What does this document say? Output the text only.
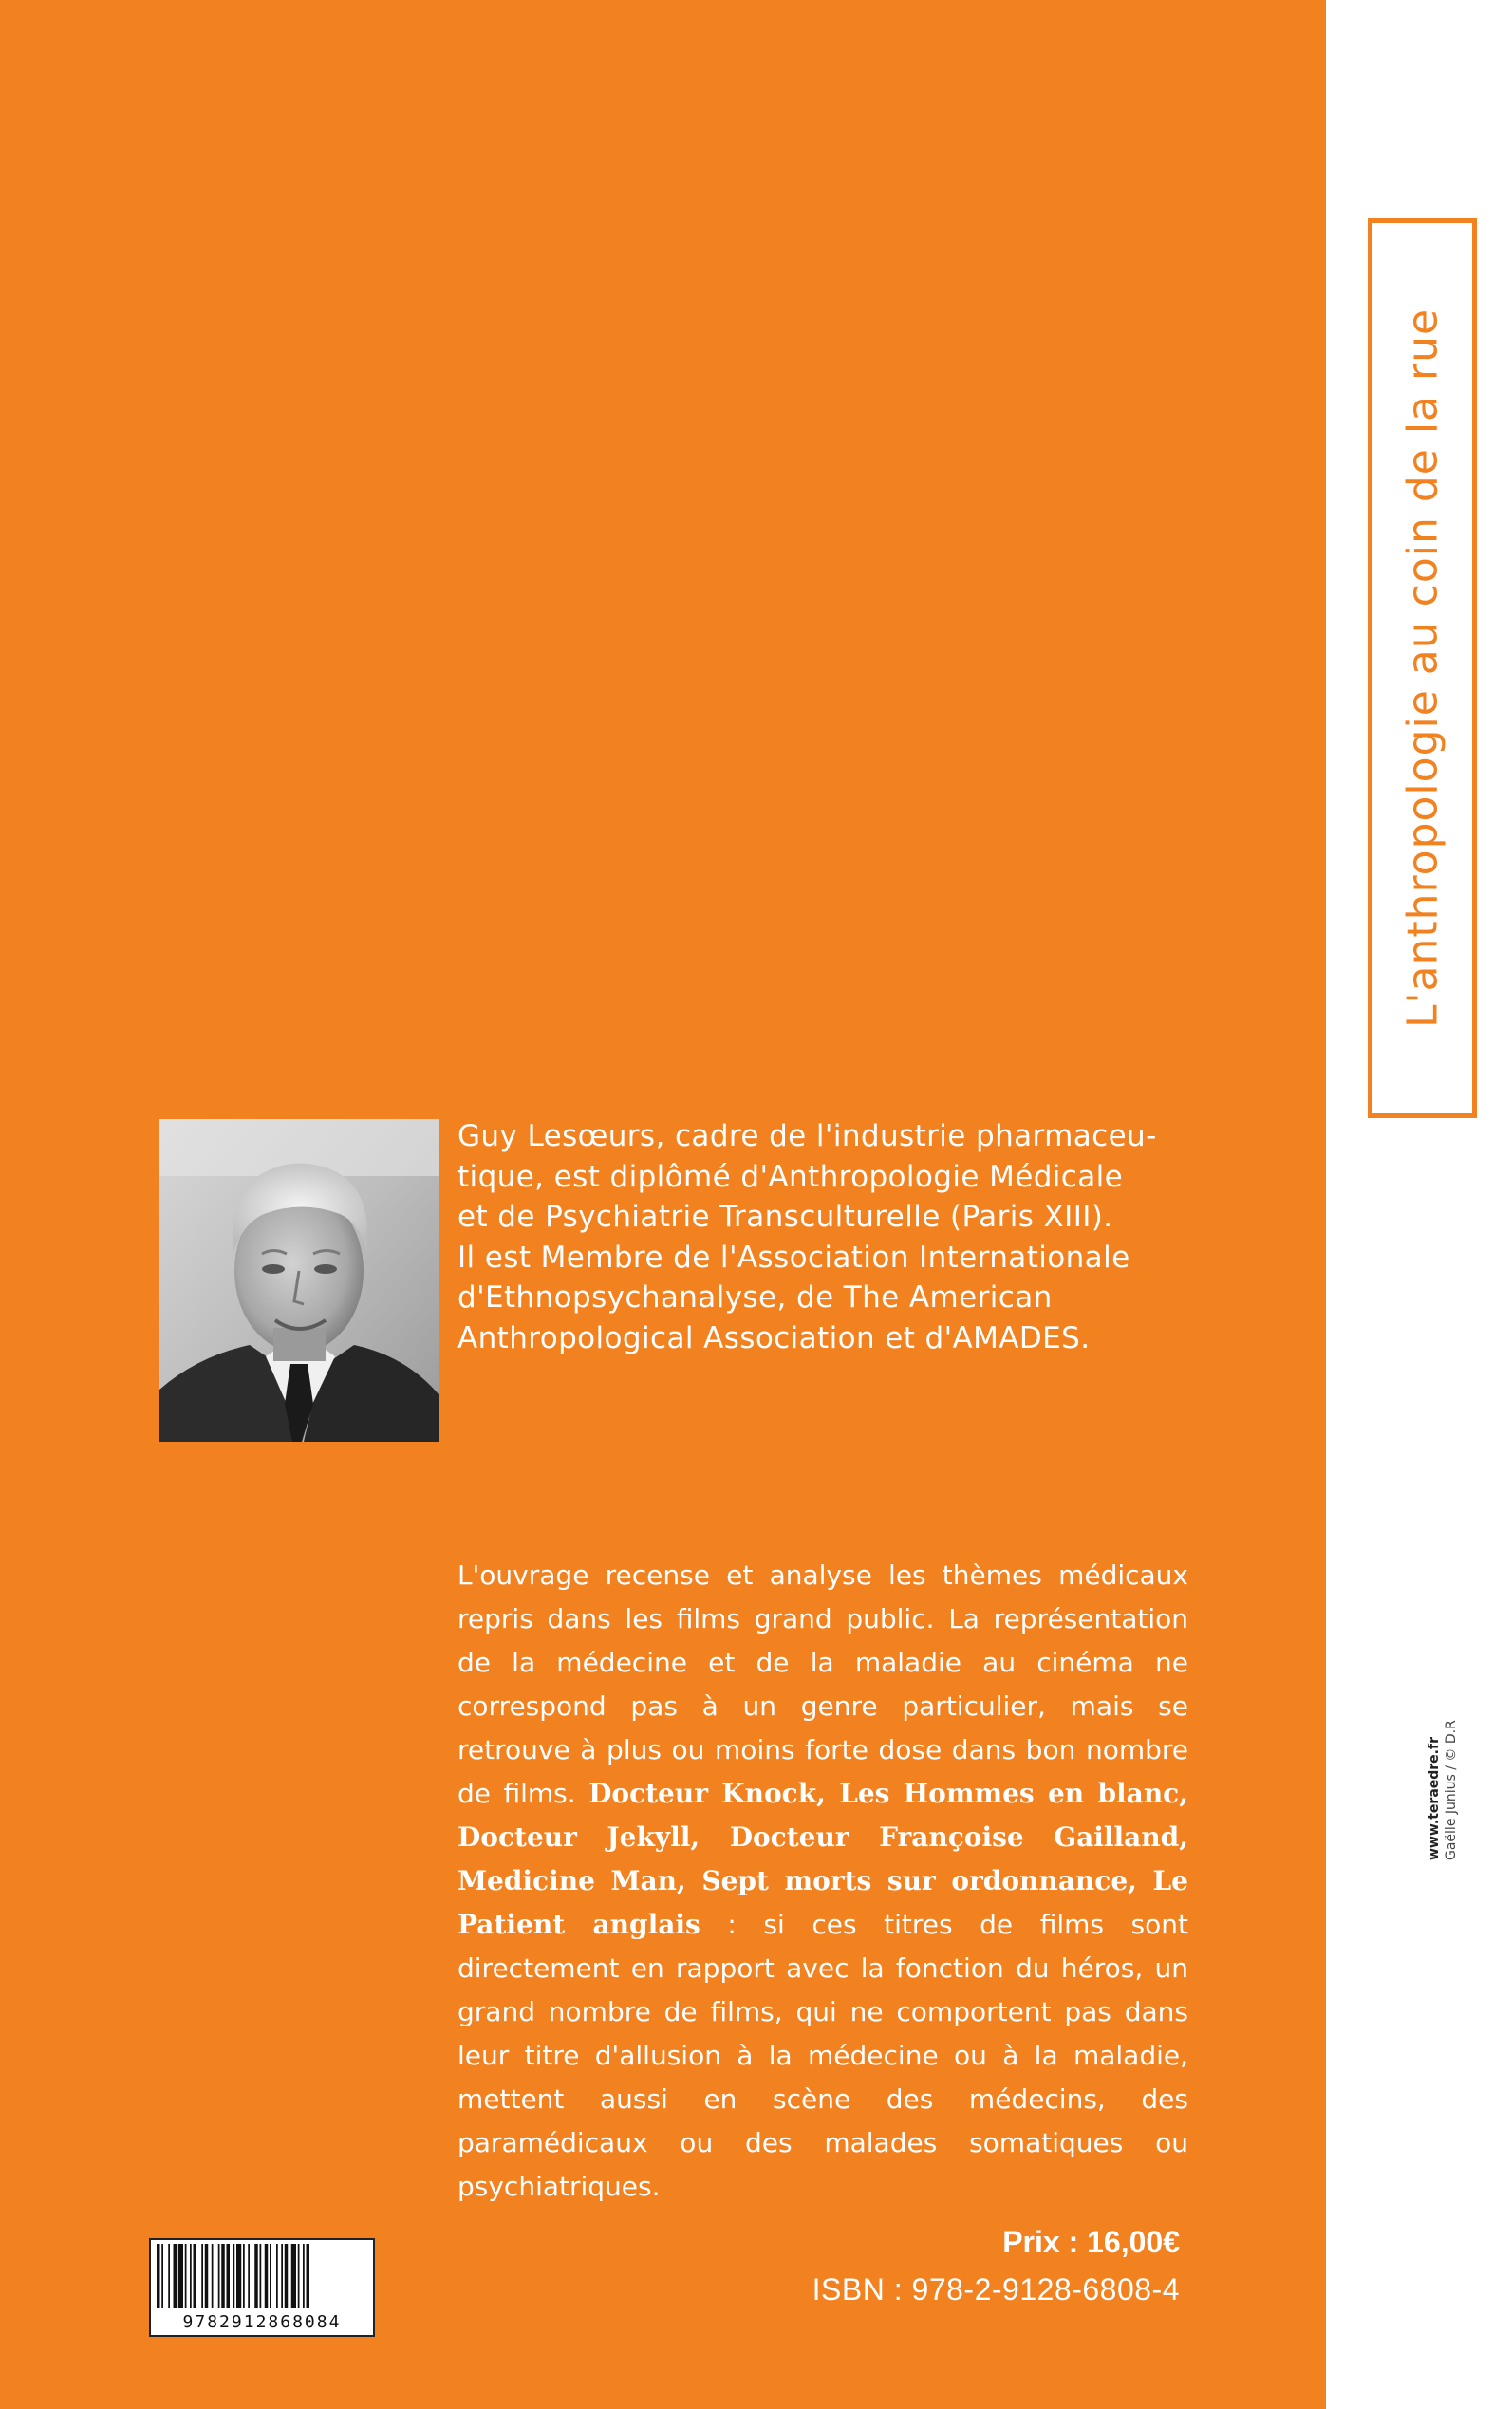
L'anthropologie au coin de la rue
www.teraedre.fr Gaëlle Junius / © D.R
Guy Lesœurs, cadre de l'industrie pharmaceu-
tique, est diplômé d'Anthropologie Médicale
et de Psychiatrie Transculturelle (Paris XIII).
Il est Membre de l'Association Internationale
d'Ethnopsychanalyse, de The American
Anthropological Association et d'AMADES.
L'ouvrage recense et analyse les thèmes médicaux repris dans les films grand public. La représentation de la médecine et de la maladie au cinéma ne correspond pas à un genre particulier, mais se retrouve à plus ou moins forte dose dans bon nombre de films. Docteur Knock, Les Hommes en blanc, Docteur Jekyll, Docteur Françoise Gailland, Medicine Man, Sept morts sur ordonnance, Le Patient anglais : si ces titres de films sont directement en rapport avec la fonction du héros, un grand nombre de films, qui ne comportent pas dans leur titre d'allusion à la médecine ou à la maladie, mettent aussi en scène des médecins, des paramédicaux ou des malades somatiques ou psychiatriques.
9782912868084
Prix : 16,00€
ISBN : 978-2-9128-6808-4
